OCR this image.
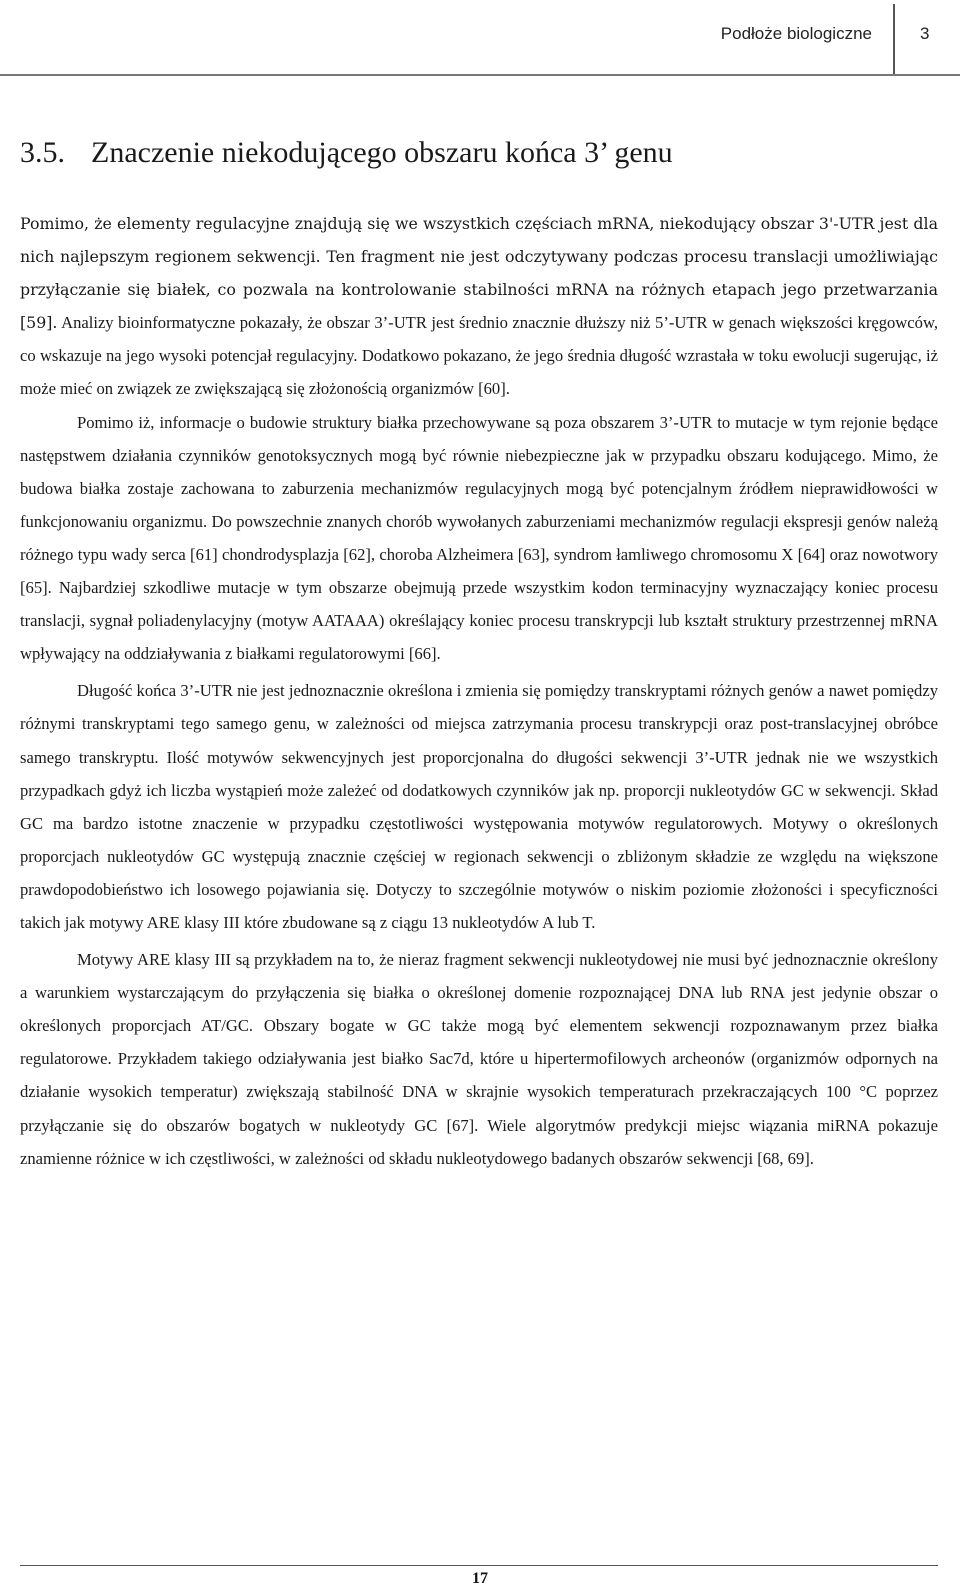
Podłoże biologiczne	3
3.5. Znaczenie niekodującego obszaru końca 3’ genu

Pomimo, że elementy regulacyjne znajdują się we wszystkich częściach mRNA, niekodujący obszar 3'-UTR jest dla nich najlepszym regionem sekwencji. Ten fragment nie jest odczytywany podczas procesu translacji umożliwiając przyłączanie się białek, co pozwala na kontrolowanie stabilności mRNA na różnych etapach jego przetwarzania [59]. Analizy bioinformatyczne pokazały, że obszar 3’-UTR jest średnio znacznie dłuższy niż 5’-UTR w genach większości kręgowców, co wskazuje na jego wysoki potencjał regulacyjny. Dodatkowo pokazano, że jego średnia długość wzrastała w toku ewolucji sugerując, iż może mieć on związek ze zwiększającą się złożonością organizmów [60].

Pomimo iż, informacje o budowie struktury białka przechowywane są poza obszarem 3’-UTR to mutacje w tym rejonie będące następstwem działania czynników genotoksycznych mogą być równie niebezpieczne jak w przypadku obszaru kodującego. Mimo, że budowa białka zostaje zachowana to zaburzenia mechanizmów regulacyjnych mogą być potencjalnym źródłem nieprawidłowości w funkcjonowaniu organizmu. Do powszechnie znanych chorób wywołanych zaburzeniami mechanizmów regulacji ekspresji genów należą różnego typu wady serca [61] chondrodysplazja [62], choroba Alzheimera [63], syndrom łamliwego chromosomu X [64] oraz nowotwory [65]. Najbardziej szkodliwe mutacje w tym obszarze obejmują przede wszystkim kodon terminacyjny wyznaczający koniec procesu translacji, sygnał poliadenylacyjny (motyw AATAAA) określający koniec procesu transkrypcji lub kształt struktury przestrzennej mRNA wpływający na oddziaływania z białkami regulatorowymi [66].

Długość końca 3’-UTR nie jest jednoznacznie określona i zmienia się pomiędzy transkryptami różnych genów a nawet pomiędzy różnymi transkryptami tego samego genu, w zależności od miejsca zatrzymania procesu transkrypcji oraz post-translacyjnej obróbce samego transkryptu. Ilość motywów sekwencyjnych jest proporcjonalna do długości sekwencji 3’-UTR jednak nie we wszystkich przypadkach gdyż ich liczba wystąpień może zależeć od dodatkowych czynników jak np. proporcji nukleotydów GC w sekwencji. Skład GC ma bardzo istotne znaczenie w przypadku częstotliwości występowania motywów regulatorowych. Motywy o określonych proporcjach nukleotydów GC występują znacznie częściej w regionach sekwencji o zbliżonym składzie ze względu na większone prawdopodobieństwo ich losowego pojawiania się. Dotyczy to szczególnie motywów o niskim poziomie złożoności i specyficzności takich jak motywy ARE klasy III które zbudowane są z ciągu 13 nukleotydów A lub T.

Motywy ARE klasy III są przykładem na to, że nieraz fragment sekwencji nukleotydowej nie musi być jednoznacznie określony a warunkiem wystarczającym do przyłączenia się białka o określonej domenie rozpoznającej DNA lub RNA jest jedynie obszar o określonych proporcjach AT/GC. Obszary bogate w GC także mogą być elementem sekwencji rozpoznawanym przez białka regulatorowe. Przykładem takiego odziaływania jest białko Sac7d, które u hipertermofilowych archeonów (organizmów odpornych na działanie wysokich temperatur) zwiększają stabilność DNA w skrajnie wysokich temperaturach przekraczających 100 °C poprzez przyłączanie się do obszarów bogatych w nukleotydy GC [67]. Wiele algorytmów predykcji miejsc wiązania miRNA pokazuje znamienne różnice w ich częstliwości, w zależności od składu nukleotydowego badanych obszarów sekwencji [68, 69].

17
